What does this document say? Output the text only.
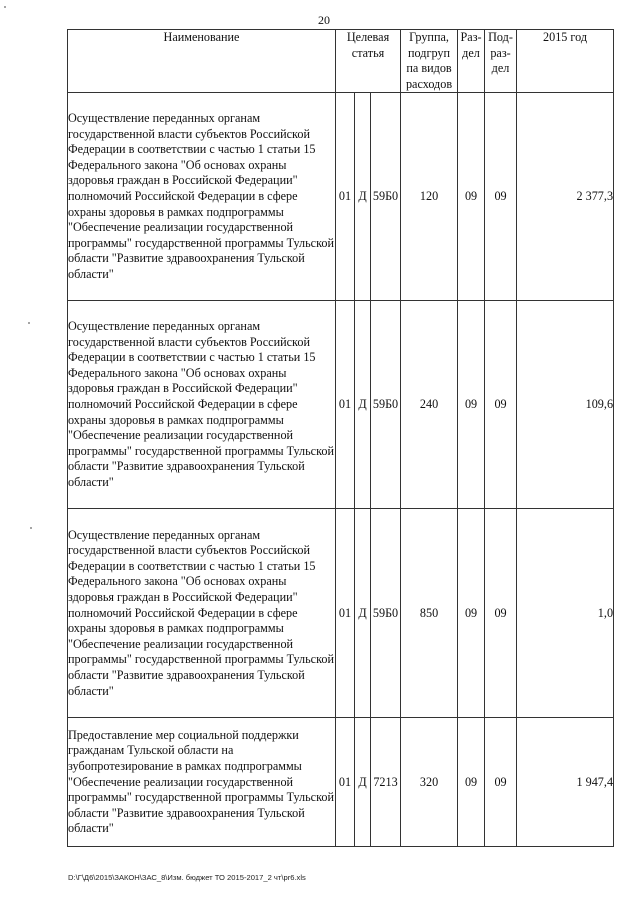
20
Наименование	Целевая статья			Группа, подгруп па видов расходов	Раз- дел	Под- раз- дел	2015 год
Осуществление переданных органам государственной власти субъектов Российской Федерации в соответствии с частью 1 статьи 15 Федерального закона "Об основах охраны здоровья граждан в Российской Федерации" полномочий Российской Федерации в сфере охраны здоровья в рамках подпрограммы "Обеспечение реализации государственной программы" государственной программы Тульской области "Развитие здравоохранения Тульской области"	01	Д	59Б0	120	09	09	2 377,3
Осуществление переданных органам государственной власти субъектов Российской Федерации в соответствии с частью 1 статьи 15 Федерального закона "Об основах охраны здоровья граждан в Российской Федерации" полномочий Российской Федерации в сфере охраны здоровья в рамках подпрограммы "Обеспечение реализации государственной программы" государственной программы Тульской области "Развитие здравоохранения Тульской области"	01	Д	59Б0	240	09	09	109,6
Осуществление переданных органам государственной власти субъектов Российской Федерации в соответствии с частью 1 статьи 15 Федерального закона "Об основах охраны здоровья граждан в Российской Федерации" полномочий Российской Федерации в сфере охраны здоровья в рамках подпрограммы "Обеспечение реализации государственной программы" государственной программы Тульской области "Развитие здравоохранения Тульской области"	01	Д	59Б0	850	09	09	1,0
Предоставление мер социальной поддержки гражданам Тульской области на зубопротезирование в рамках подпрограммы "Обеспечение реализации государственной программы" государственной программы Тульской области "Развитие здравоохранения Тульской области"	01	Д	7213	320	09	09	1 947,4
D:\Г\Д6\2015\ЗАКОН\ЗАС_8\Изм. бюджет ТО 2015-2017_2 чт\pr6.xls
